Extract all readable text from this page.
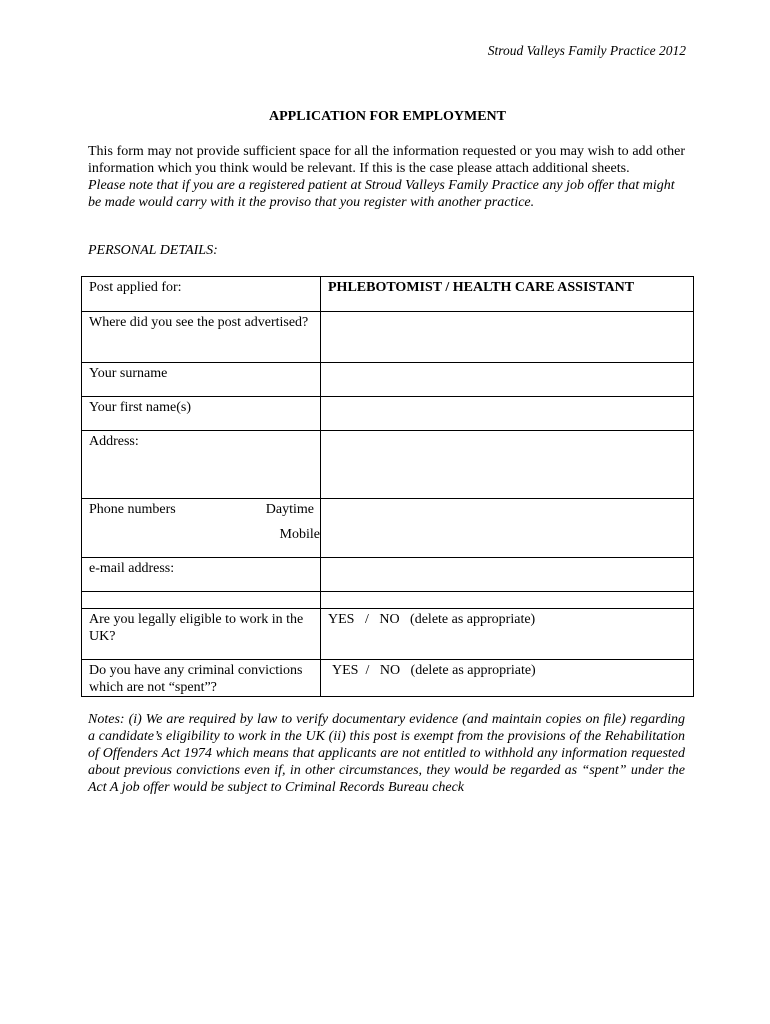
Stroud Valleys Family Practice 2012
APPLICATION FOR EMPLOYMENT

This form may not provide sufficient space for all the information requested or you may wish to add other information which you think would be relevant. If this is the case please attach additional sheets.

Please note that if you are a registered patient at Stroud Valleys Family Practice any job offer that might be made would carry with it the proviso that you register with another practice.

PERSONAL DETAILS:
Post applied for:	PHLEBOTOMIST / HEALTH CARE ASSISTANT
Where did you see the post advertised?	
Your surname	
Your first name(s)	
Address:	

Phone numbers Daytime
Mobile	

e-mail address:	

Are you legally eligible to work in the UK?	YES   /   NO   (delete as appropriate)
Do you have any criminal convictions which are not “spent”?	YES  /   NO   (delete as appropriate)
Notes: (i) We are required by law to verify documentary evidence (and maintain copies on file) regarding a candidate’s eligibility to work in the UK (ii) this post is exempt from the provisions of the Rehabilitation of Offenders Act 1974 which means that applicants are not entitled to withhold any information requested about previous convictions even if, in other circumstances, they would be regarded as “spent” under the Act A job offer would be subject to Criminal Records Bureau check
